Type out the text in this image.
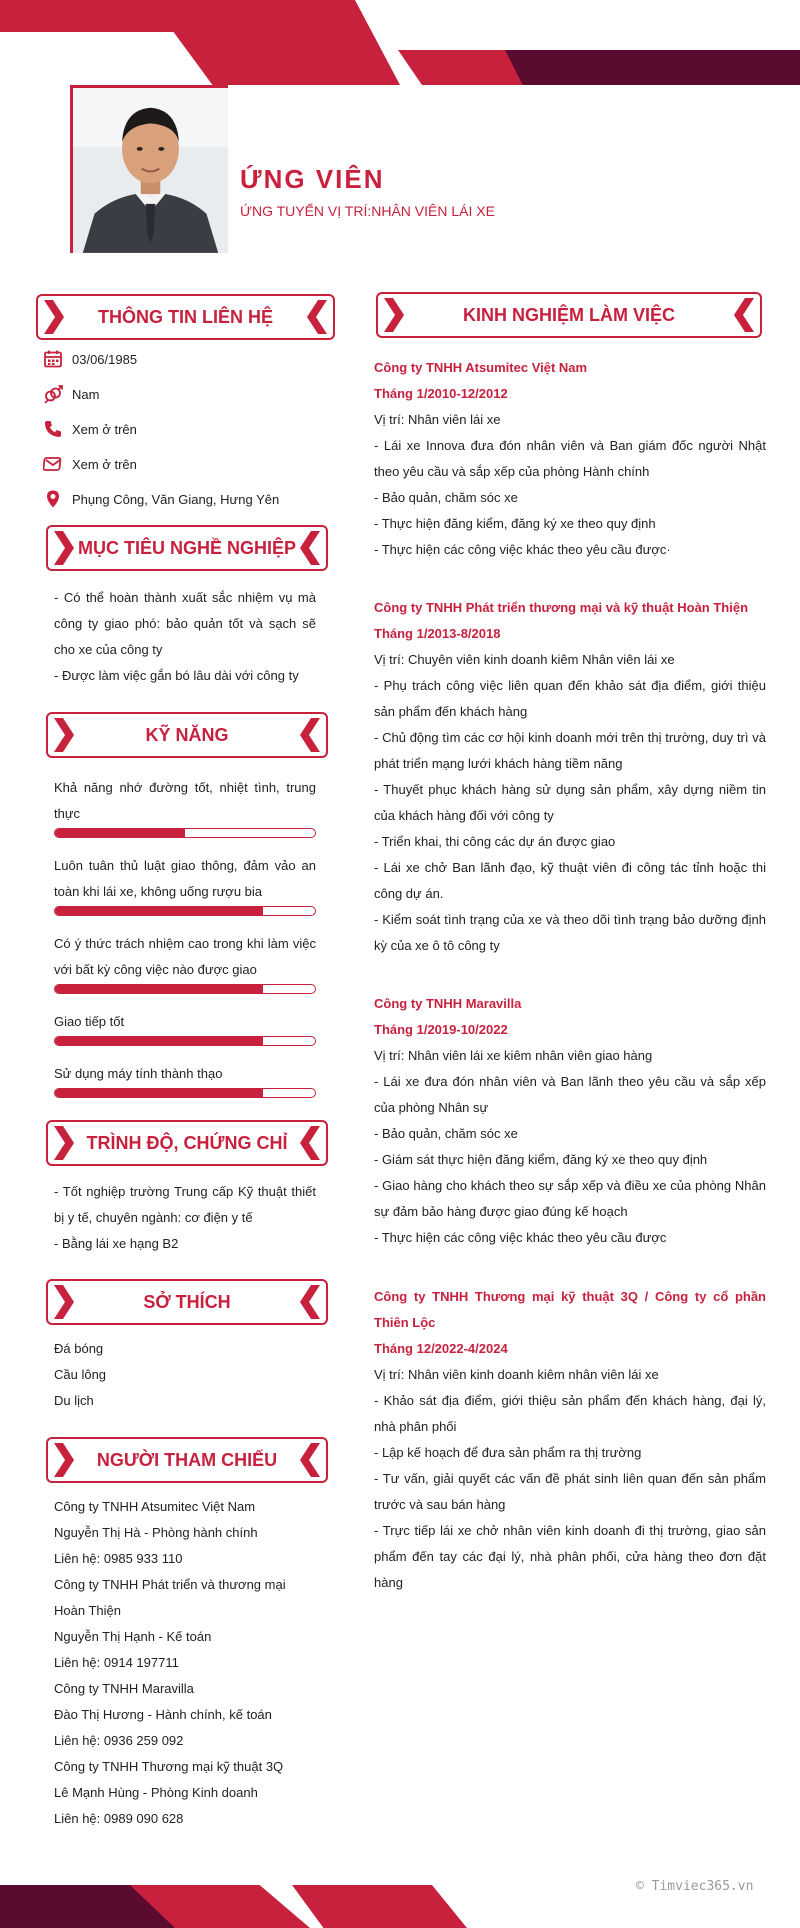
ỨNG VIÊN
ỨNG TUYỂN VỊ TRÍ:NHÂN VIÊN LÁI XE
THÔNG TIN LIÊN HỆ
03/06/1985
Nam
Xem ở trên
Xem ở trên
Phụng Công, Văn Giang, Hưng Yên
MỤC TIÊU NGHỀ NGHIỆP

- Có thể hoàn thành xuất sắc nhiệm vụ mà công ty giao phó: bảo quản tốt và sạch sẽ cho xe của công ty

- Được làm việc gắn bó lâu dài với công ty

KỸ NĂNG
Khả năng nhớ đường tốt, nhiệt tình, trung thực
Luôn tuân thủ luật giao thông, đảm vảo an toàn khi lái xe, không uống rượu bia
Có ý thức trách nhiệm cao trong khi làm việc với bất kỳ công việc nào được giao
Giao tiếp tốt
Sử dụng máy tính thành thạo
TRÌNH ĐỘ, CHỨNG CHỈ

- Tốt nghiệp trường Trung cấp Kỹ thuật thiết bị y tế, chuyên ngành: cơ điện y tế

- Bằng lái xe hạng B2

SỞ THÍCH
Đá bóng
Cầu lông
Du lịch
NGƯỜI THAM CHIẾU

Công ty TNHH Atsumitec Việt Nam

Nguyễn Thị Hà - Phòng hành chính

Liên hệ: 0985 933 110

Công ty TNHH Phát triển và thương mại Hoàn Thiện

Nguyễn Thị Hạnh - Kế toán

Liên hệ: 0914 197711

Công ty TNHH Maravilla

Đào Thị Hương - Hành chính, kế toán

Liên hệ: 0936 259 092

Công ty TNHH Thương mại kỹ thuật 3Q

Lê Mạnh Hùng - Phòng Kinh doanh

Liên hệ: 0989 090 628

KINH NGHIỆM LÀM VIỆC

Công ty TNHH Atsumitec Việt Nam

Tháng 1/2010-12/2012

Vị trí: Nhân viên lái xe

- Lái xe Innova đưa đón nhân viên và Ban giám đốc người Nhật theo yêu cầu và sắp xếp của phòng Hành chính

- Bảo quản, chăm sóc xe

- Thực hiện đăng kiểm, đăng ký xe theo quy định

- Thực hiện các công việc khác theo yêu cầu được·

Công ty TNHH Phát triển thương mại và kỹ thuật Hoàn Thiện

Tháng 1/2013-8/2018

Vị trí: Chuyên viên kinh doanh kiêm Nhân viên lái xe

- Phụ trách công việc liên quan đến khảo sát địa điểm, giới thiệu sản phẩm đến khách hàng

- Chủ động tìm các cơ hội kinh doanh mới trên thị trường, duy trì và phát triển mạng lưới khách hàng tiềm năng

- Thuyết phục khách hàng sử dụng sản phẩm, xây dựng niềm tin của khách hàng đối với công ty

- Triển khai, thi công các dự án được giao

- Lái xe chở Ban lãnh đạo, kỹ thuật viên đi công tác tỉnh hoặc thi công dự án.

- Kiểm soát tình trạng của xe và theo dõi tình trạng bảo dưỡng định kỳ của xe ô tô công ty

Công ty TNHH Maravilla

Tháng 1/2019-10/2022

Vị trí: Nhân viên lái xe kiêm nhân viên giao hàng

- Lái xe đưa đón nhân viên và Ban lãnh theo yêu cầu và sắp xếp của phòng Nhân sự

- Bảo quản, chăm sóc xe

- Giám sát thực hiện đăng kiểm, đăng ký xe theo quy định

- Giao hàng cho khách theo sự sắp xếp và điều xe của phòng Nhân sự đảm bảo hàng được giao đúng kế hoạch

- Thực hiện các công việc khác theo yêu cầu được

Công ty TNHH Thương mại kỹ thuật 3Q / Công ty cổ phần Thiên Lộc

Tháng 12/2022-4/2024

Vị trí: Nhân viên kinh doanh kiêm nhân viên lái xe

- Khảo sát địa điểm, giới thiệu sản phẩm đến khách hàng, đại lý, nhà phân phối

- Lập kế hoạch để đưa sản phẩm ra thị trường

- Tư vấn, giải quyết các vấn đề phát sinh liên quan đến sản phẩm trước và sau bán hàng

- Trực tiếp lái xe chở nhân viên kinh doanh đi thị trường, giao sản phẩm đến tay các đại lý, nhà phân phối, cửa hàng theo đơn đặt hàng

© Timviec365.vn
